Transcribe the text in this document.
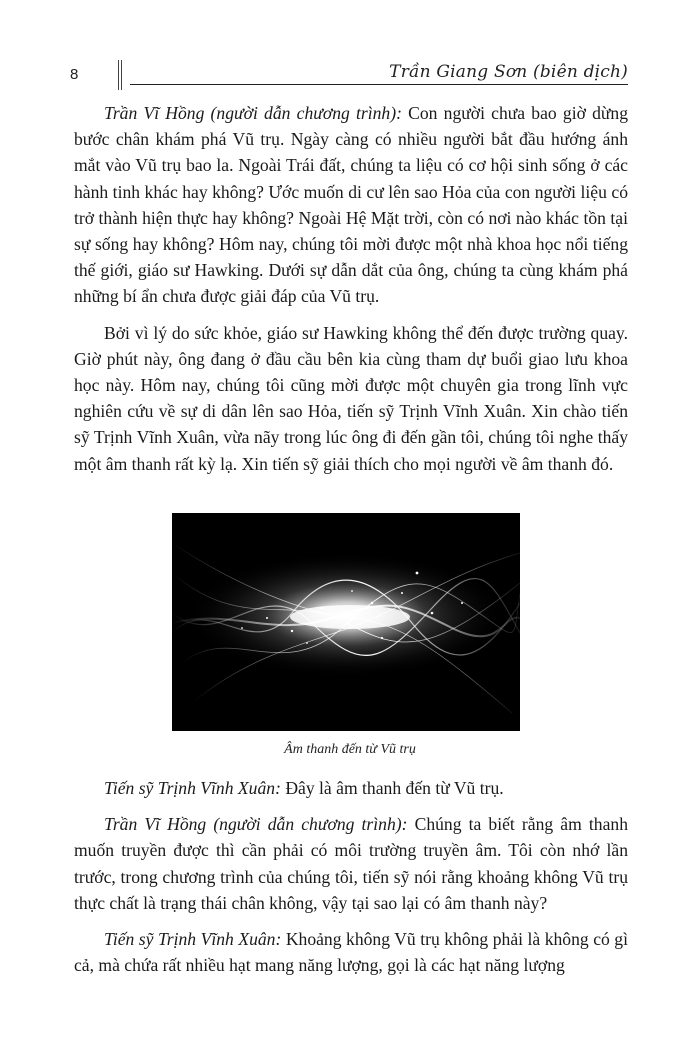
8	Trần Giang Sơn (biên dịch)

Trần Vĩ Hồng (người dẫn chương trình): Con người chưa bao giờ dừng bước chân khám phá Vũ trụ. Ngày càng có nhiều người bắt đầu hướng ánh mắt vào Vũ trụ bao la. Ngoài Trái đất, chúng ta liệu có cơ hội sinh sống ở các hành tinh khác hay không? Ước muốn di cư lên sao Hỏa của con người liệu có trở thành hiện thực hay không? Ngoài Hệ Mặt trời, còn có nơi nào khác tồn tại sự sống hay không? Hôm nay, chúng tôi mời được một nhà khoa học nổi tiếng thế giới, giáo sư Hawking. Dưới sự dẫn dắt của ông, chúng ta cùng khám phá những bí ẩn chưa được giải đáp của Vũ trụ.

Bởi vì lý do sức khỏe, giáo sư Hawking không thể đến được trường quay. Giờ phút này, ông đang ở đầu cầu bên kia cùng tham dự buổi giao lưu khoa học này. Hôm nay, chúng tôi cũng mời được một chuyên gia trong lĩnh vực nghiên cứu về sự di dân lên sao Hỏa, tiến sỹ Trịnh Vĩnh Xuân. Xin chào tiến sỹ Trịnh Vĩnh Xuân, vừa nãy trong lúc ông đi đến gần tôi, chúng tôi nghe thấy một âm thanh rất kỳ lạ. Xin tiến sỹ giải thích cho mọi người về âm thanh đó.

Âm thanh đến từ Vũ trụ

Tiến sỹ Trịnh Vĩnh Xuân: Đây là âm thanh đến từ Vũ trụ.

Trần Vĩ Hồng (người dẫn chương trình): Chúng ta biết rằng âm thanh muốn truyền được thì cần phải có môi trường truyền âm. Tôi còn nhớ lần trước, trong chương trình của chúng tôi, tiến sỹ nói rằng khoảng không Vũ trụ thực chất là trạng thái chân không, vậy tại sao lại có âm thanh này?

Tiến sỹ Trịnh Vĩnh Xuân: Khoảng không Vũ trụ không phải là không có gì cả, mà chứa rất nhiều hạt mang năng lượng, gọi là các hạt năng lượng
